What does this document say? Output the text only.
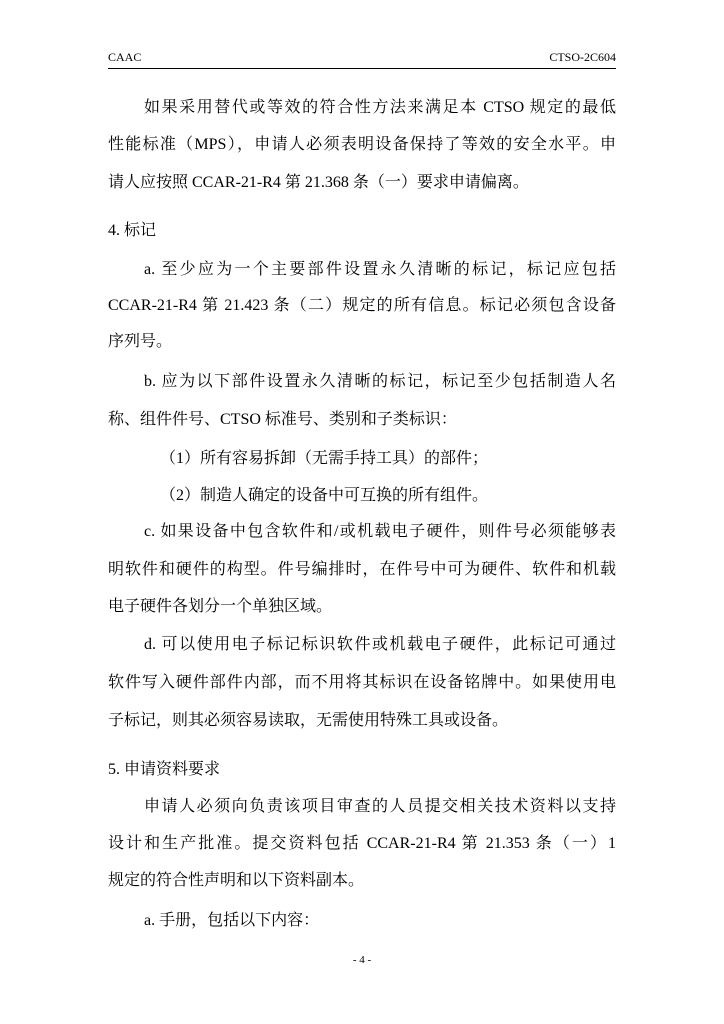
CAAC	CTSO-2C604
如果采用替代或等效的符合性方法来满足本 CTSO 规定的最低
性能标准（MPS），申请人必须表明设备保持了等效的安全水平。申
请人应按照 CCAR-21-R4 第 21.368 条（一）要求申请偏离。
4. 标记
a. 至少应为一个主要部件设置永久清晰的标记，标记应包括
CCAR-21-R4 第 21.423 条（二）规定的所有信息。标记必须包含设备
序列号。
b. 应为以下部件设置永久清晰的标记，标记至少包括制造人名
称、组件件号、CTSO 标准号、类别和子类标识：
（1）所有容易拆卸（无需手持工具）的部件；
（2）制造人确定的设备中可互换的所有组件。
c. 如果设备中包含软件和/或机载电子硬件，则件号必须能够表
明软件和硬件的构型。件号编排时，在件号中可为硬件、软件和机载
电子硬件各划分一个单独区域。
d. 可以使用电子标记标识软件或机载电子硬件，此标记可通过
软件写入硬件部件内部，而不用将其标识在设备铭牌中。如果使用电
子标记，则其必须容易读取，无需使用特殊工具或设备。
5. 申请资料要求
申请人必须向负责该项目审查的人员提交相关技术资料以支持
设计和生产批准。提交资料包括 CCAR-21-R4 第 21.353 条（一）1
规定的符合性声明和以下资料副本。
a. 手册，包括以下内容：
- 4 -
